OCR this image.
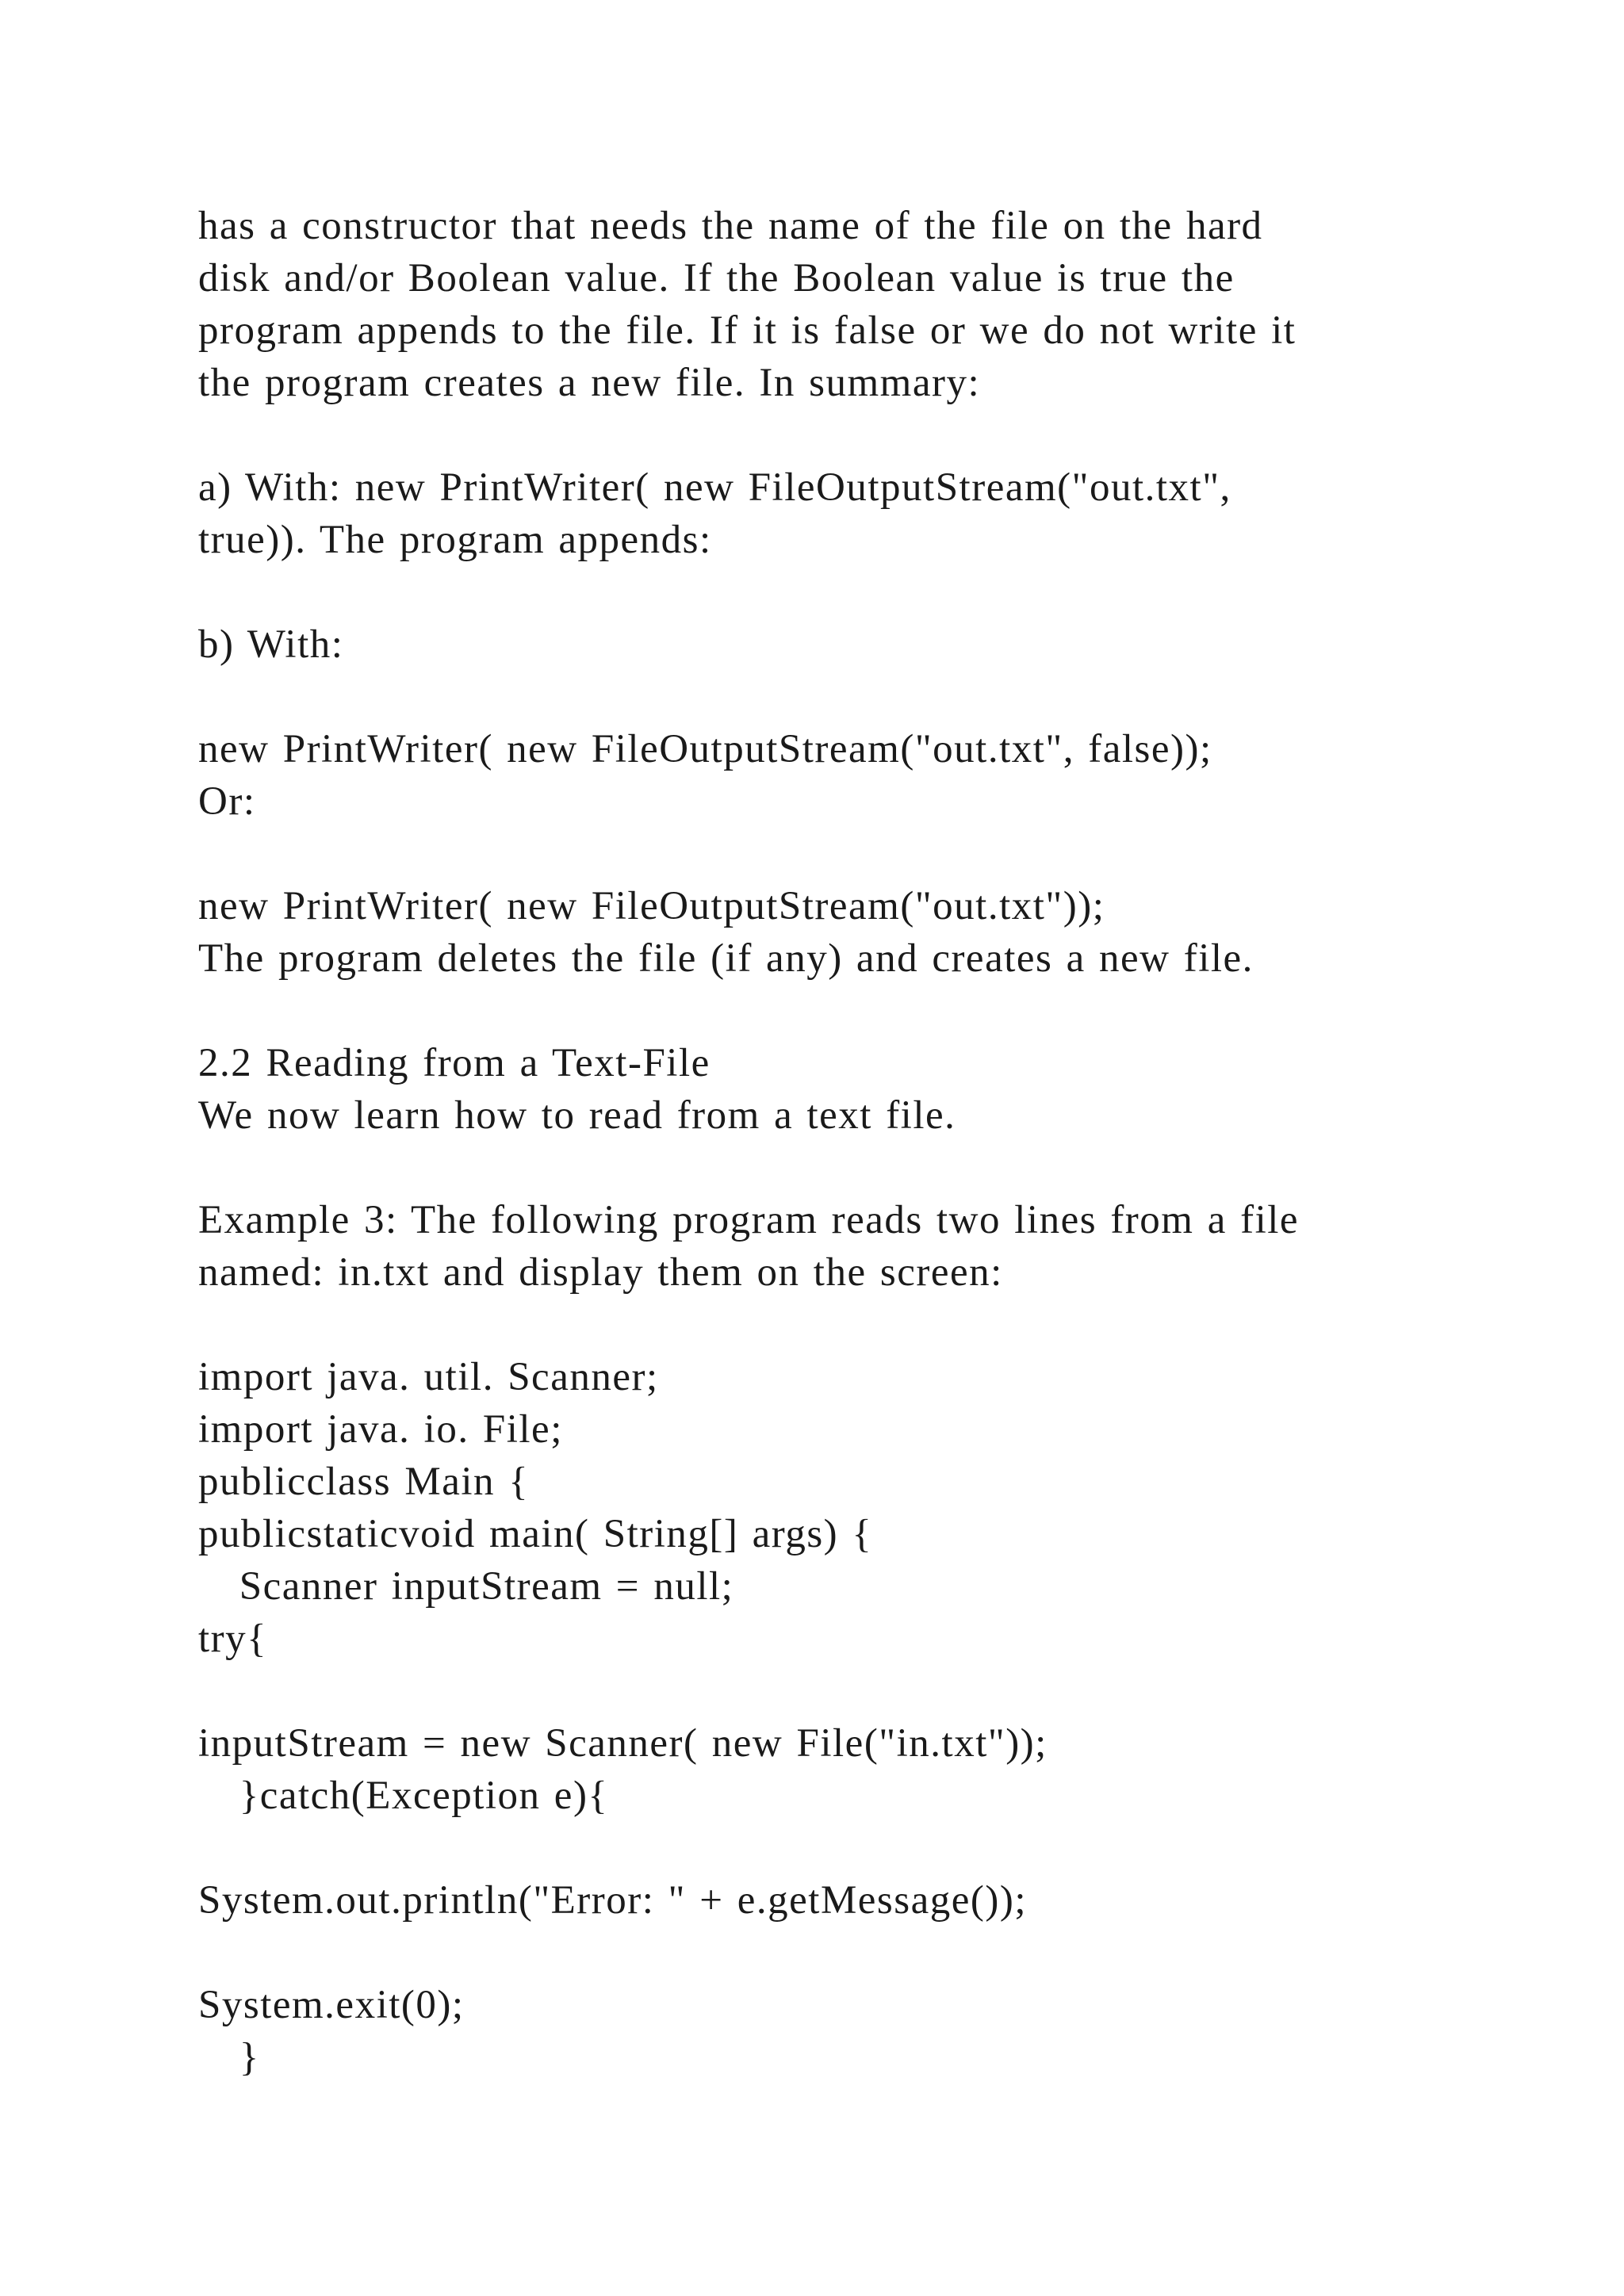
has a constructor that needs the name of the file on the hard
disk and/or Boolean value. If the Boolean value is true the
program appends to the file. If it is false or we do not write it
the program creates a new file. In summary:
a) With: new PrintWriter( new FileOutputStream("out.txt",
true)). The program appends:
b) With:
new PrintWriter( new FileOutputStream("out.txt", false));
Or:
new PrintWriter( new FileOutputStream("out.txt"));
The program deletes the file (if any) and creates a new file.
2.2 Reading from a Text-File
We now learn how to read from a text file.
Example 3: The following program reads two lines from a file
named: in.txt and display them on the screen:
import java. util. Scanner;
import java. io. File;
publicclass Main {
publicstaticvoid main( String[] args) {
Scanner inputStream = null;
try{
inputStream = new Scanner( new File("in.txt"));
}catch(Exception e){
System.out.println("Error: " + e.getMessage());
System.exit(0);
}
